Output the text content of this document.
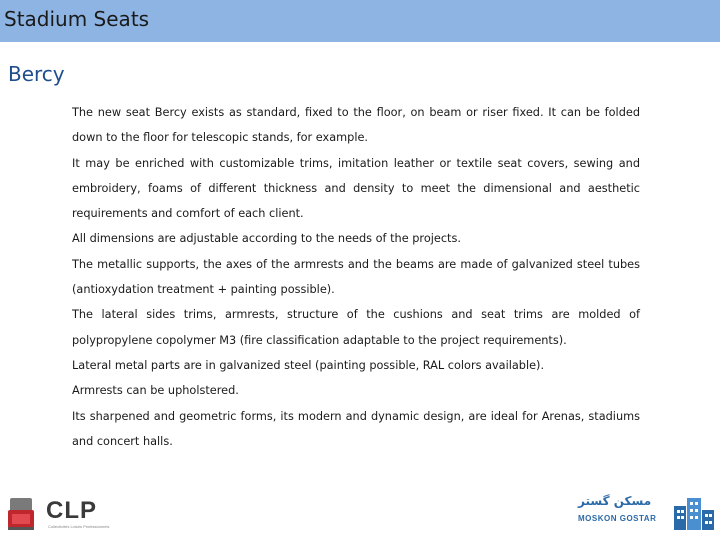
Stadium Seats
Bercy

The new seat Bercy exists as standard, fixed to the floor, on beam or riser fixed. It can be folded down to the floor for telescopic stands, for example.

It may be enriched with customizable trims, imitation leather or textile seat covers, sewing and embroidery, foams of different thickness and density to meet the dimensional and aesthetic requirements and comfort of each client.

All dimensions are adjustable according to the needs of the projects.

The metallic supports, the axes of the armrests and the beams are made of galvanized steel tubes (antioxydation treatment + painting possible).

The lateral sides trims, armrests, structure of the cushions and seat trims are molded of polypropylene copolymer M3 (fire classification adaptable to the project requirements).

Lateral metal parts are in galvanized steel (painting possible, RAL colors available).

Armrests can be upholstered.

Its sharpened and geometric forms, its modern and dynamic design, are ideal for Arenas, stadiums and concert halls.

CLP
Collectivités Loisirs Professionnels
مسكن گستر
MOSKON GOSTAR
